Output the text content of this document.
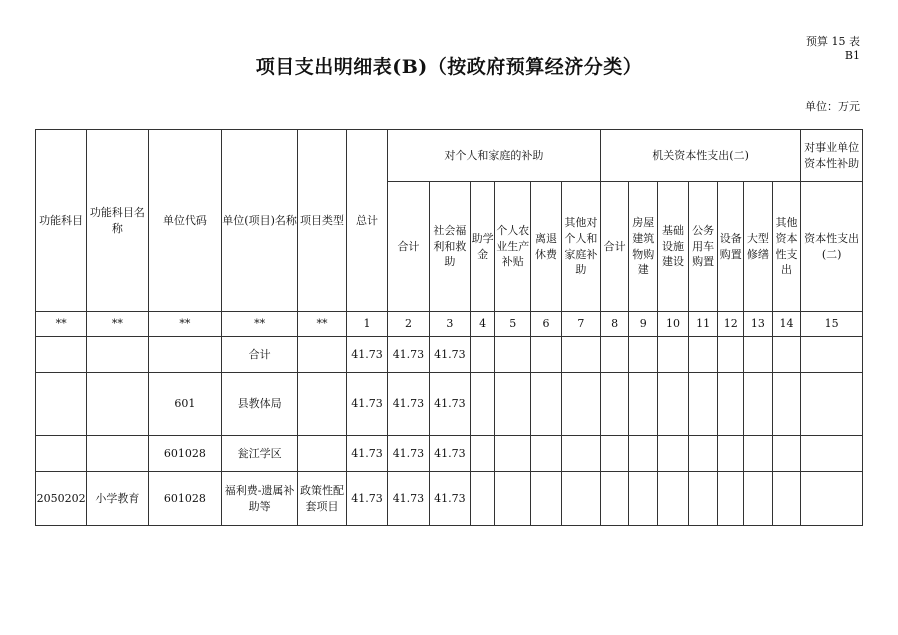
预算 15 表 B1
项目支出明细表(B)（按政府预算经济分类）
单位：万元
功能科目	功能科目名称	单位代码	单位(项目)名称	项目类型	总计	对个人和家庭的补助						机关资本性支出(二)							对事业单位资本性补助
						合计	社会福利和救助	助学金	个人农业生产补贴	离退休费	其他对个人和家庭补助	合计	房屋建筑物购建	基础设施建设	公务用车购置	设备购置	大型修缮	其他资本性支出	资本性支出(二)
**	**	**	**	**	1	2	3	4	5	6	7	8	9	10	11	12	13	14	15
			合计		41.73	41.73	41.73												
		601	县教体局		41.73	41.73	41.73												
		601028	瓮江学区		41.73	41.73	41.73												
2050202	小学教育	601028	福利费-遗属补助等	政策性配套项目	41.73	41.73	41.73												
